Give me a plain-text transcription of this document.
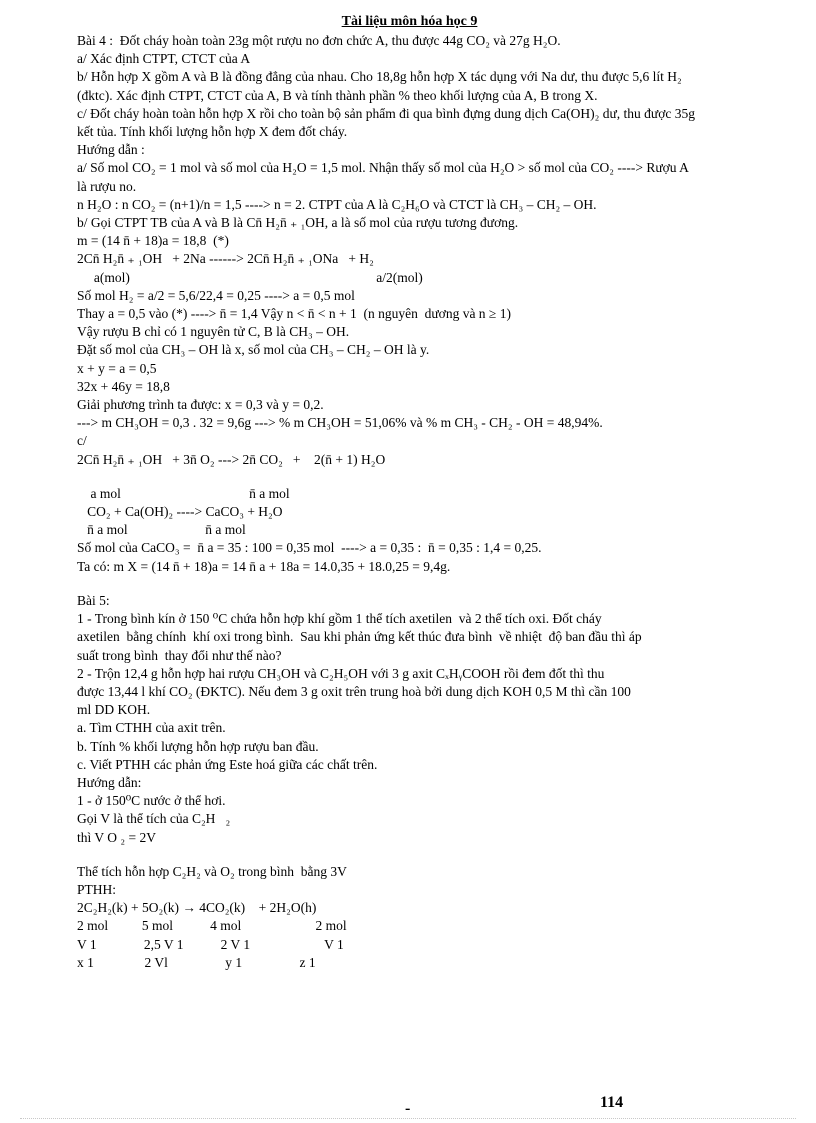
Tài liệu môn hóa học 9
Bài 4 :  Đốt cháy hoàn toàn 23g một rượu no đơn chức A, thu được 44g CO₂ và 27g H₂O.
a/ Xác định CTPT, CTCT của A
b/ Hỗn hợp X gồm A và B là đồng đẳng của nhau. Cho 18,8g hỗn hợp X tác dụng với Na dư, thu được 5,6 lít H₂
(đktc). Xác định CTPT, CTCT của A, B và tính thành phần % theo khối lượng của A, B trong X.
c/ Đốt cháy hoàn toàn hỗn hợp X rồi cho toàn bộ sản phẩm đi qua bình đựng dung dịch Ca(OH)₂ dư, thu được 35g
kết tủa. Tính khối lượng hỗn hợp X đem đốt cháy.
Hướng dẫn :
a/ Số mol CO₂ = 1 mol và số mol của H₂O = 1,5 mol. Nhận thấy số mol của H₂O > số mol của CO₂ ----> Rượu A
là rượu no.
n H₂O : n CO₂ = (n+1)/n = 1,5 ----> n = 2. CTPT của A là C₂H₆O và CTCT là CH₃ – CH₂ – OH.
b/ Gọi CTPT TB của A và B là Cn̄ H₂n̄ ₊ ₁OH, a là số mol của rượu tương đương.
m = (14 n̄ + 18)a = 18,8  (*)
2Cn̄ H₂n̄ ₊ ₁OH   + 2Na ------> 2Cn̄ H₂n̄ ₊ ₁ONa   + H₂
a(mol)                                                                         a/2(mol)
Số mol H₂ = a/2 = 5,6/22,4 = 0,25 ----> a = 0,5 mol
Thay a = 0,5 vào (*) ----> n̄ = 1,4 Vậy n < n̄ < n + 1  (n nguyên  dương và n ≥ 1)
Vậy rượu B chỉ có 1 nguyên tử C, B là CH₃ – OH.
Đặt số mol của CH₃ – OH là x, số mol của CH₃ – CH₂ – OH là y.
x + y = a = 0,5
32x + 46y = 18,8
Giải phương trình ta được: x = 0,3 và y = 0,2.
---> m CH₃OH = 0,3 . 32 = 9,6g ---> % m CH₃OH = 51,06% và % m CH₃ - CH₂ - OH = 48,94%.
c/
2Cn̄ H₂n̄ ₊ ₁OH   + 3n̄ O₂ ---> 2n̄ CO₂   +    2(n̄ + 1) H₂O
a mol                                      n̄ a mol
CO₂ + Ca(OH)₂ ----> CaCO₃ + H₂O
n̄ a mol                       n̄ a mol
Số mol của CaCO₃ =  n̄ a = 35 : 100 = 0,35 mol  ----> a = 0,35 :  n̄ = 0,35 : 1,4 = 0,25.
Ta có: m X = (14 n̄ + 18)a = 14 n̄ a + 18a = 14.0,35 + 18.0,25 = 9,4g.
Bài 5:
1 - Trong bình kín ở 150 ⁰C chứa hỗn hợp khí gồm 1 thể tích axetilen  và 2 thể tích oxi. Đốt cháy
axetilen  bằng chính  khí oxi trong bình.  Sau khi phản ứng kết thúc đưa bình  về nhiệt  độ ban đầu thì áp
suất trong bình  thay đổi như thế nào?
2 - Trộn 12,4 g hỗn hợp hai rượu CH₃OH và C₂H₅OH với 3 g axit CₓHᵧCOOH rồi đem đốt thì thu
được 13,44 l khí CO₂ (ĐKTC). Nếu đem 3 g oxit trên trung hoà bởi dung dịch KOH 0,5 M thì cần 100
ml DD KOH.
a. Tìm CTHH của axit trên.
b. Tính % khối lượng hỗn hợp rượu ban đầu.
c. Viết PTHH các phản ứng Este hoá giữa các chất trên.
Hướng dẫn:
1 - ở 150⁰C nước ở thể hơi.
Gọi V là thể tích của C₂H   ₂
thì V O ₂ = 2V
Thể tích hỗn hợp C₂H₂ và O₂ trong bình  bằng 3V
PTHH:
2C₂H₂(k) + 5O₂(k) → 4CO₂(k)    + 2H₂O(h)
2 mol          5 mol           4 mol                      2 mol
V 1              2,5 V 1           2 V 1                      V 1
x 1               2 Vl                 y 1                 z 1
-	114
